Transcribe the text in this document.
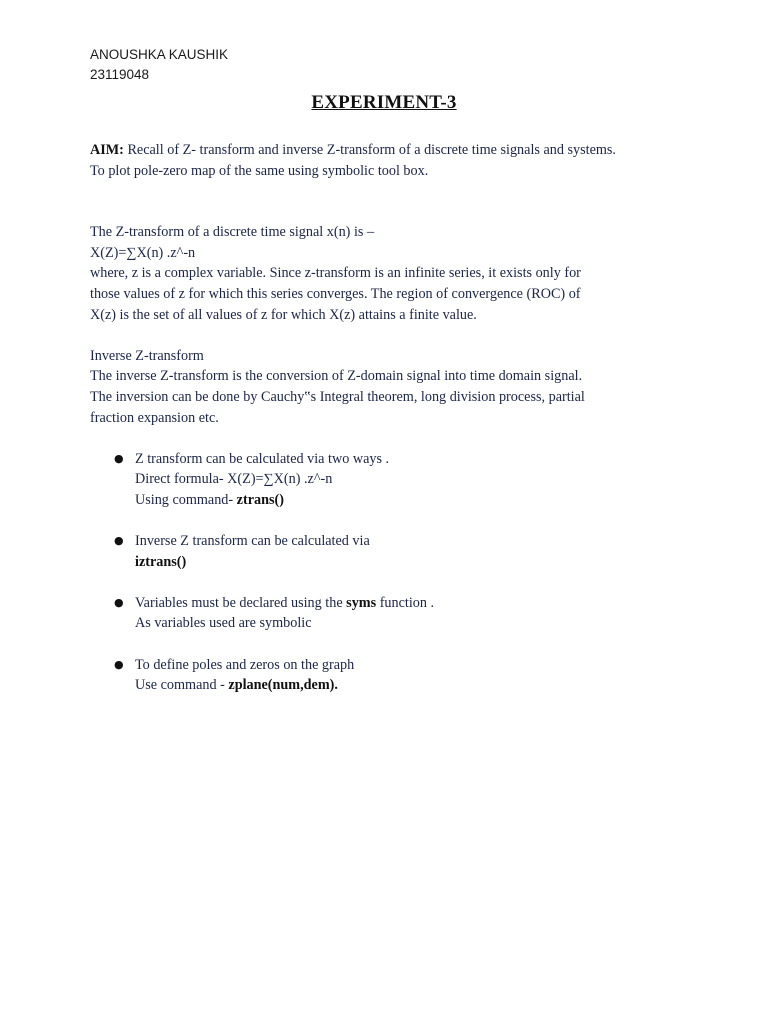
ANOUSHKA KAUSHIK
23119048
EXPERIMENT-3
AIM: Recall of Z- transform and inverse Z-transform of a discrete time signals and systems.
To plot pole-zero map of the same using symbolic tool box.
The Z-transform of a discrete time signal x(n) is –
X(Z)=∑X(n) .z^-n
where, z is a complex variable. Since z-transform is an infinite series, it exists only for
those values of z for which this series converges. The region of convergence (ROC) of
X(z) is the set of all values of z for which X(z) attains a finite value.
Inverse Z-transform
The inverse Z-transform is the conversion of Z-domain signal into time domain signal.
The inversion can be done by Cauchy‟s Integral theorem, long division process, partial
fraction expansion etc.
● Z transform can be calculated via two ways .
Direct formula- X(Z)=∑X(n) .z^-n
Using command- ztrans()
● Inverse Z transform can be calculated via
iztrans()
● Variables must be declared using the syms function .
As variables used are symbolic
● To define poles and zeros on the graph
Use command - zplane(num,dem).
